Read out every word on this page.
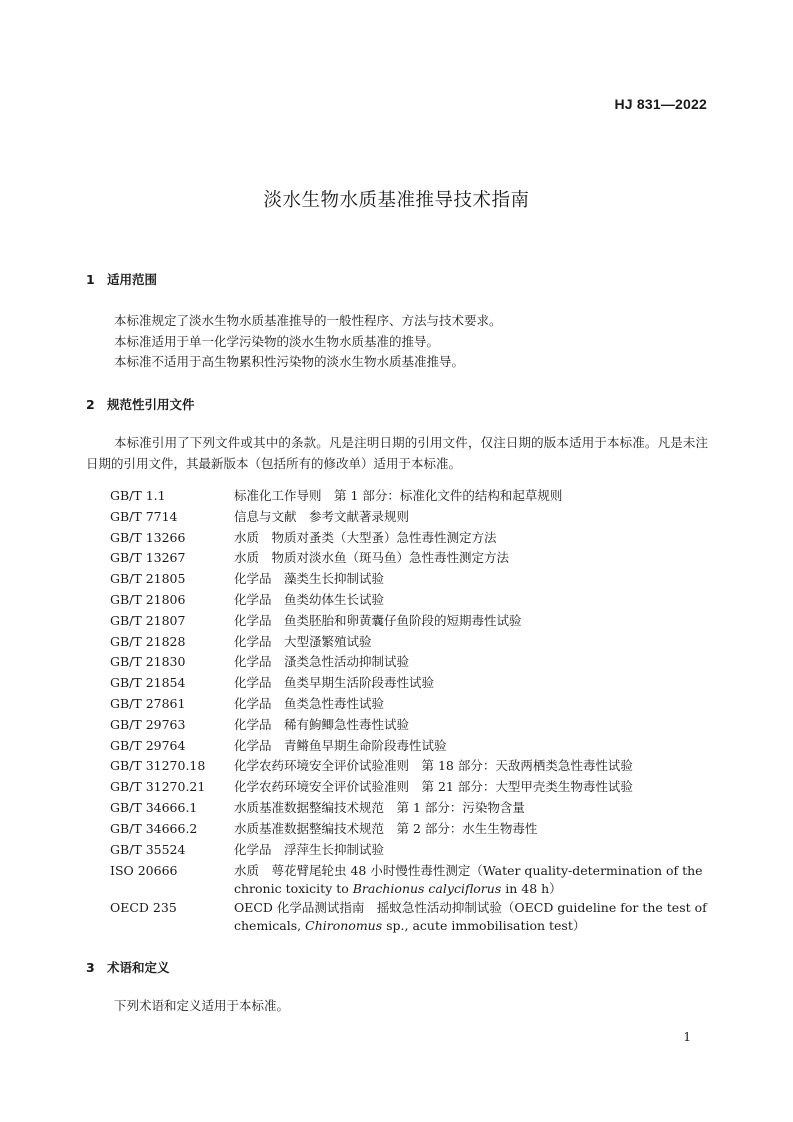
HJ 831—2022
淡水生物水质基准推导技术指南
1 适用范围
本标准规定了淡水生物水质基准推导的一般性程序、方法与技术要求。
本标准适用于单一化学污染物的淡水生物水质基准的推导。
本标准不适用于高生物累积性污染物的淡水生物水质基准推导。
2 规范性引用文件
本标准引用了下列文件或其中的条款。凡是注明日期的引用文件，仅注日期的版本适用于本标准。凡是未注日期的引用文件，其最新版本（包括所有的修改单）适用于本标准。
GB/T 1.1	标准化工作导则　第 1 部分：标准化文件的结构和起草规则
GB/T 7714	信息与文献　参考文献著录规则
GB/T 13266	水质　物质对蚤类（大型蚤）急性毒性测定方法
GB/T 13267	水质　物质对淡水鱼（斑马鱼）急性毒性测定方法
GB/T 21805	化学品　藻类生长抑制试验
GB/T 21806	化学品　鱼类幼体生长试验
GB/T 21807	化学品　鱼类胚胎和卵黄囊仔鱼阶段的短期毒性试验
GB/T 21828	化学品　大型溞繁殖试验
GB/T 21830	化学品　溞类急性活动抑制试验
GB/T 21854	化学品　鱼类早期生活阶段毒性试验
GB/T 27861	化学品　鱼类急性毒性试验
GB/T 29763	化学品　稀有鮈鲫急性毒性试验
GB/T 29764	化学品　青鳉鱼早期生命阶段毒性试验
GB/T 31270.18	化学农药环境安全评价试验准则　第 18 部分：天敌两栖类急性毒性试验
GB/T 31270.21	化学农药环境安全评价试验准则　第 21 部分：大型甲壳类生物毒性试验
GB/T 34666.1	水质基准数据整编技术规范　第 1 部分：污染物含量
GB/T 34666.2	水质基准数据整编技术规范　第 2 部分：水生生物毒性
GB/T 35524	化学品　浮萍生长抑制试验
ISO 20666	水质　萼花臂尾轮虫 48 小时慢性毒性测定（Water quality-determination of the chronic toxicity to Brachionus calyciflorus in 48 h）
OECD 235	OECD 化学品测试指南　摇蚊急性活动抑制试验（OECD guideline for the test of chemicals, Chironomus sp., acute immobilisation test）
3 术语和定义
下列术语和定义适用于本标准。
1
